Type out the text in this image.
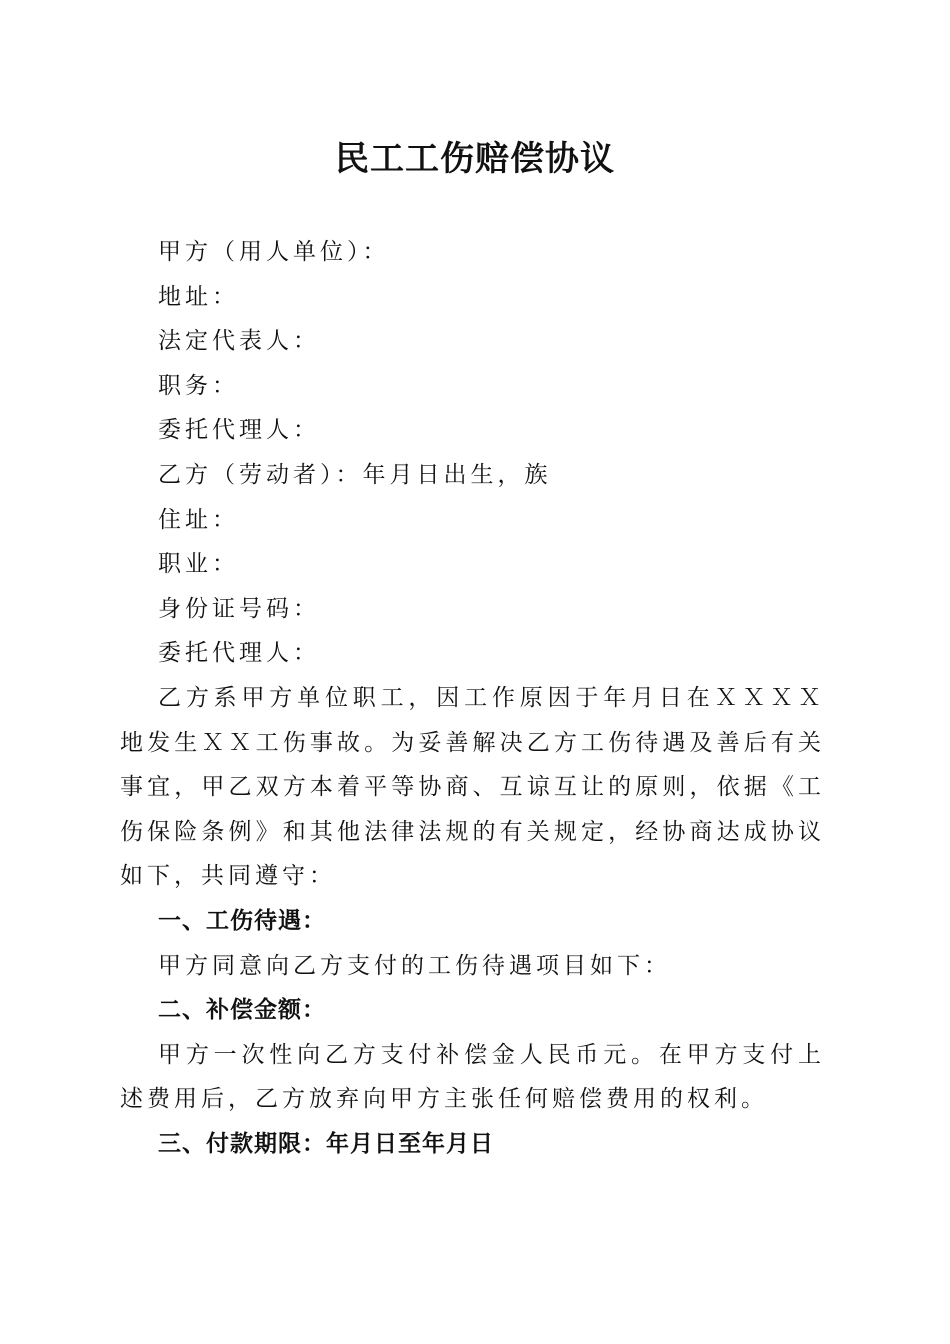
民工工伤赔偿协议

甲方（用人单位）：

地址：

法定代表人：

职务：

委托代理人：

乙方（劳动者）：年月日出生，族

住址：

职业：

身份证号码：

委托代理人：

乙方系甲方单位职工，因工作原因于年月日在ＸＸＸＸ地发生ＸＸ工伤事故。为妥善解决乙方工伤待遇及善后有关事宜，甲乙双方本着平等协商、互谅互让的原则，依据《工伤保险条例》和其他法律法规的有关规定，经协商达成协议如下，共同遵守：

一、工伤待遇：

甲方同意向乙方支付的工伤待遇项目如下：

二、补偿金额：

甲方一次性向乙方支付补偿金人民币元。在甲方支付上述费用后，乙方放弃向甲方主张任何赔偿费用的权利。

三、付款期限：年月日至年月日
